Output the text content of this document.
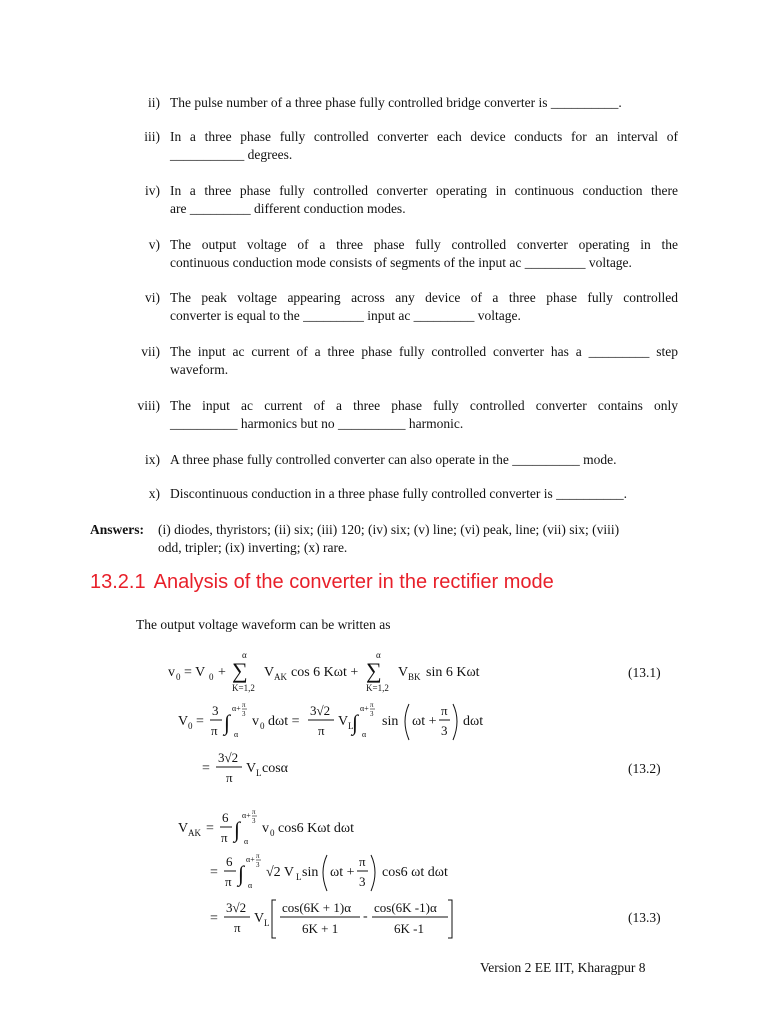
ii) The pulse number of a three phase fully controlled bridge converter is __________.
iii) In a three phase fully controlled converter each device conducts for an interval of
___________ degrees.
iv) In a three phase fully controlled converter operating in continuous conduction there
are _________ different conduction modes.
v) The output voltage of a three phase fully controlled converter operating in the
continuous conduction mode consists of segments of the input ac _________ voltage.
vi) The peak voltage appearing across any device of a three phase fully controlled
converter is equal to the _________ input ac _________ voltage.
vii) The input ac current of a three phase fully controlled converter has a _________ step
waveform.
viii) The input ac current of a three phase fully controlled converter contains only
__________ harmonics but no __________ harmonic.
ix) A three phase fully controlled converter can also operate in the __________ mode.
x) Discontinuous conduction in a three phase fully controlled converter is __________.
Answers: (i) diodes, thyristors; (ii) six; (iii) 120; (iv) six; (v) line; (vi) peak, line; (vii) six; (viii)
odd, tripler; (ix) inverting; (x) rare.
13.2.1 Analysis of the converter in the rectifier mode
The output voltage waveform can be written as
v 0 = V 0 +
α
∑
K=1,2
V AK cos 6 Kωt +
α
∑
K=1,2
V BK sin 6 Kωt
V 0 =
3
π ∫
α+ π
3
α
v 0 dωt =
3√2
π
V L
∫
α+ π
3
α
sin ωt +
π
3
dωt
=
3√2
π
V L cosα
V AK =
6
π ∫
α+ π
3
α
v 0 cos6 Kωt dωt
=
6
π ∫
α+ π
3
α
√2 V L sin ωt +
π
3
cos6 ωt dωt
=
3√2
π
V L
cos(6K + 1)α
6K + 1
-
cos(6K -1)α
6K -1
(13.1)
(13.2)
(13.3)
Version 2 EE IIT, Kharagpur 8
